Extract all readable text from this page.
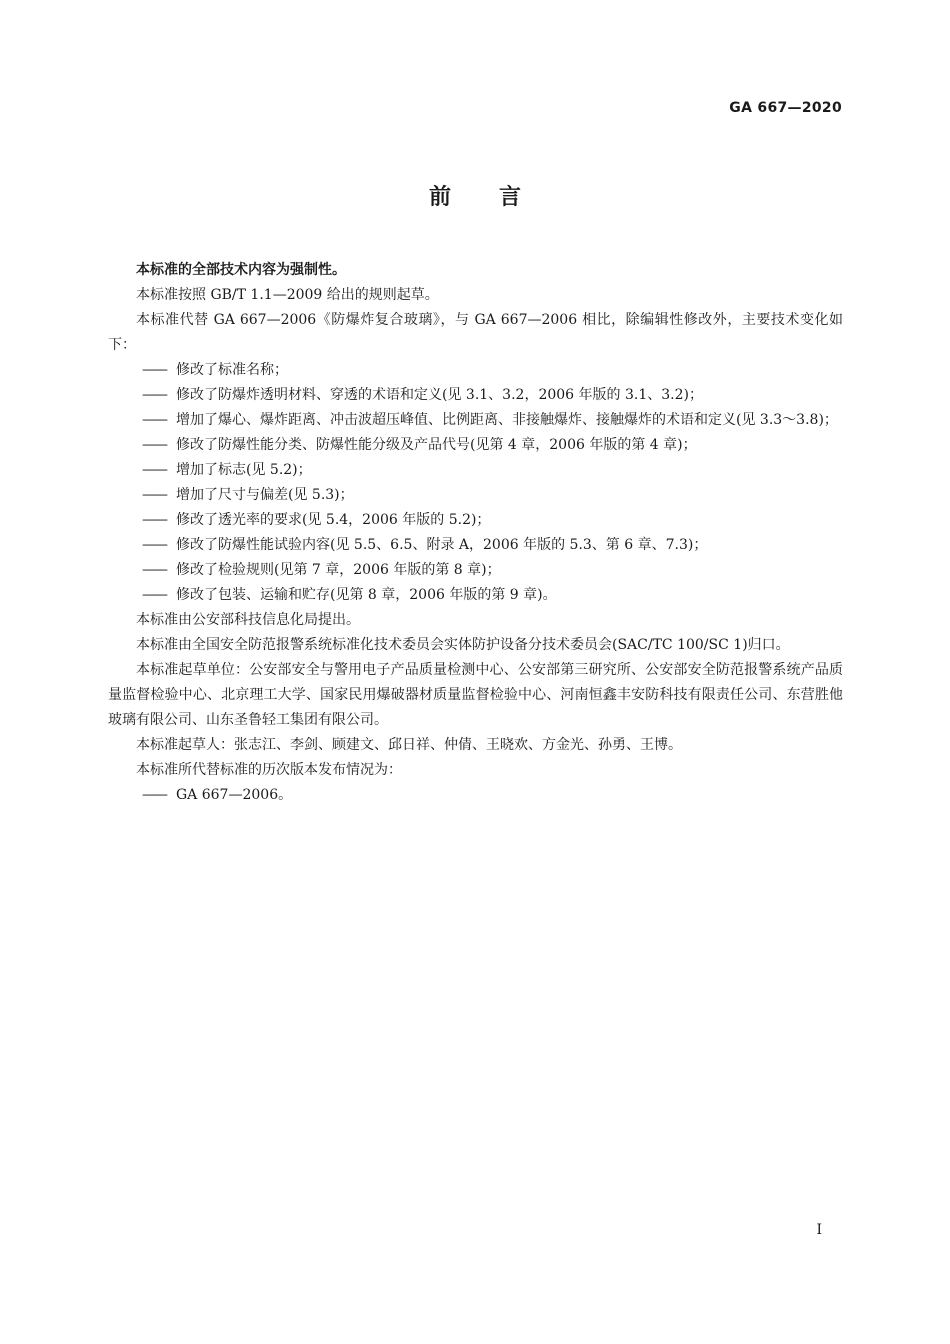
GA 667—2020
前 言

本标准的全部技术内容为强制性。

本标准按照 GB/T 1.1—2009 给出的规则起草。

本标准代替 GA 667—2006《防爆炸复合玻璃》，与 GA 667—2006 相比，除编辑性修改外，主要技术变化如下：

—— 修改了标准名称；

—— 修改了防爆炸透明材料、穿透的术语和定义(见 3.1、3.2，2006 年版的 3.1、3.2)；

—— 增加了爆心、爆炸距离、冲击波超压峰值、比例距离、非接触爆炸、接触爆炸的术语和定义(见 3.3～3.8)；

—— 修改了防爆性能分类、防爆性能分级及产品代号(见第 4 章，2006 年版的第 4 章)；

—— 增加了标志(见 5.2)；

—— 增加了尺寸与偏差(见 5.3)；

—— 修改了透光率的要求(见 5.4，2006 年版的 5.2)；

—— 修改了防爆性能试验内容(见 5.5、6.5、附录 A，2006 年版的 5.3、第 6 章、7.3)；

—— 修改了检验规则(见第 7 章，2006 年版的第 8 章)；

—— 修改了包装、运输和贮存(见第 8 章，2006 年版的第 9 章)。

本标准由公安部科技信息化局提出。

本标准由全国安全防范报警系统标准化技术委员会实体防护设备分技术委员会(SAC/TC 100/SC 1)归口。

本标准起草单位：公安部安全与警用电子产品质量检测中心、公安部第三研究所、公安部安全防范报警系统产品质量监督检验中心、北京理工大学、国家民用爆破器材质量监督检验中心、河南恒鑫丰安防科技有限责任公司、东营胜他玻璃有限公司、山东圣鲁轻工集团有限公司。

本标准起草人：张志江、李剑、顾建文、邱日祥、仲倩、王晓欢、方金光、孙勇、王博。

本标准所代替标准的历次版本发布情况为：

—— GA 667—2006。

I
